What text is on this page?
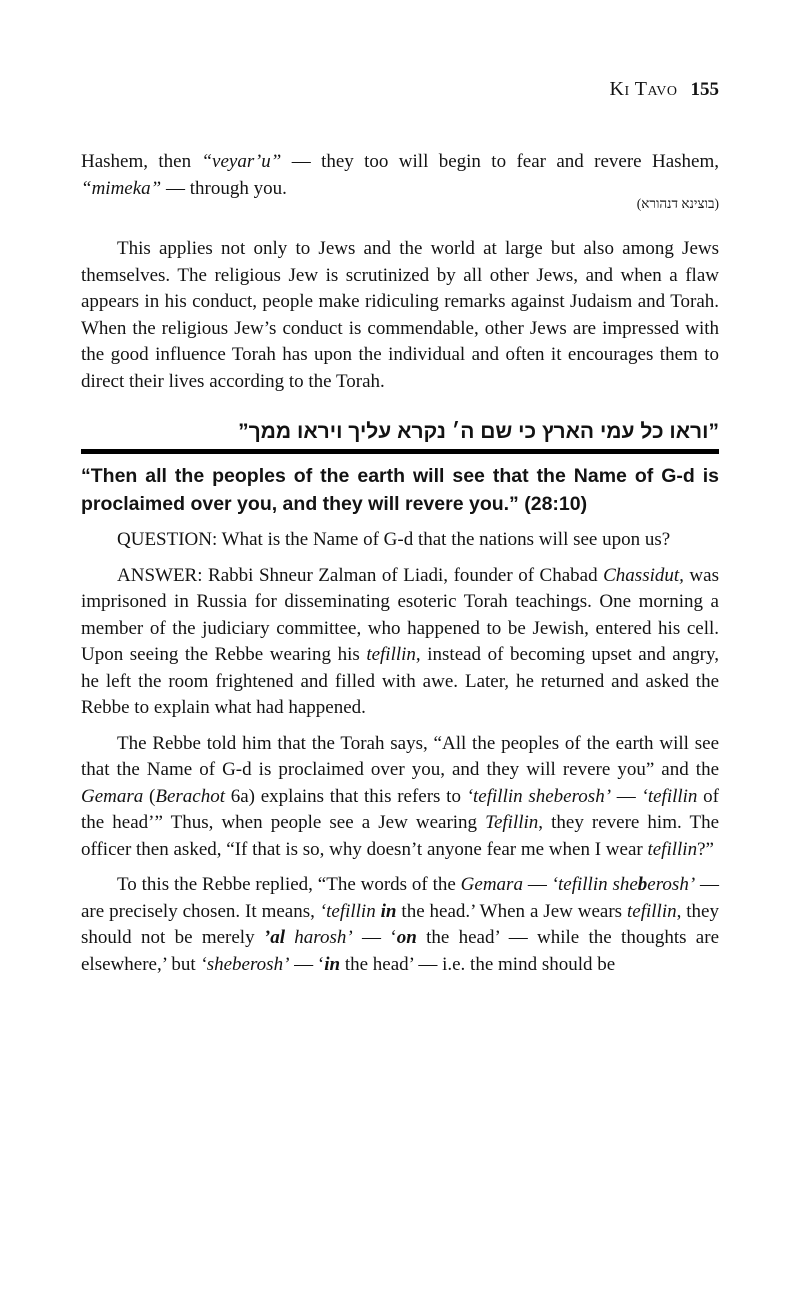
Ki Tavo 155

Hashem, then “veyar’u” — they too will begin to fear and revere Hashem, “mimeka” — through you.

(בוצינא דנהורא)

This applies not only to Jews and the world at large but also among Jews themselves. The religious Jew is scrutinized by all other Jews, and when a flaw appears in his conduct, people make ridiculing remarks against Judaism and Torah. When the religious Jew’s conduct is commendable, other Jews are impressed with the good influence Torah has upon the individual and often it encourages them to direct their lives according to the Torah.

”וראו כל עמי הארץ כי שם ה׳ נקרא עליך ויראו ממך”

“Then all the peoples of the earth will see that the Name of G-d is proclaimed over you, and they will revere you.” (28:10)

QUESTION: What is the Name of G-d that the nations will see upon us?

ANSWER: Rabbi Shneur Zalman of Liadi, founder of Chabad Chassidut, was imprisoned in Russia for disseminating esoteric Torah teachings. One morning a member of the judiciary committee, who happened to be Jewish, entered his cell. Upon seeing the Rebbe wearing his tefillin, instead of becoming upset and angry, he left the room frightened and filled with awe. Later, he returned and asked the Rebbe to explain what had happened.

The Rebbe told him that the Torah says, “All the peoples of the earth will see that the Name of G-d is proclaimed over you, and they will revere you” and the Gemara (Berachot 6a) explains that this refers to ‘tefillin sheberosh’ — ‘tefillin of the head’” Thus, when people see a Jew wearing Tefillin, they revere him. The officer then asked, “If that is so, why doesn’t anyone fear me when I wear tefillin?”

To this the Rebbe replied, “The words of the Gemara — ‘tefillin sheberosh’ — are precisely chosen. It means, ‘tefillin in the head.’ When a Jew wears tefillin, they should not be merely ’al harosh’ — ‘on the head’ — while the thoughts are elsewhere,’ but ‘sheberosh’ — ‘in the head’ — i.e. the mind should be
